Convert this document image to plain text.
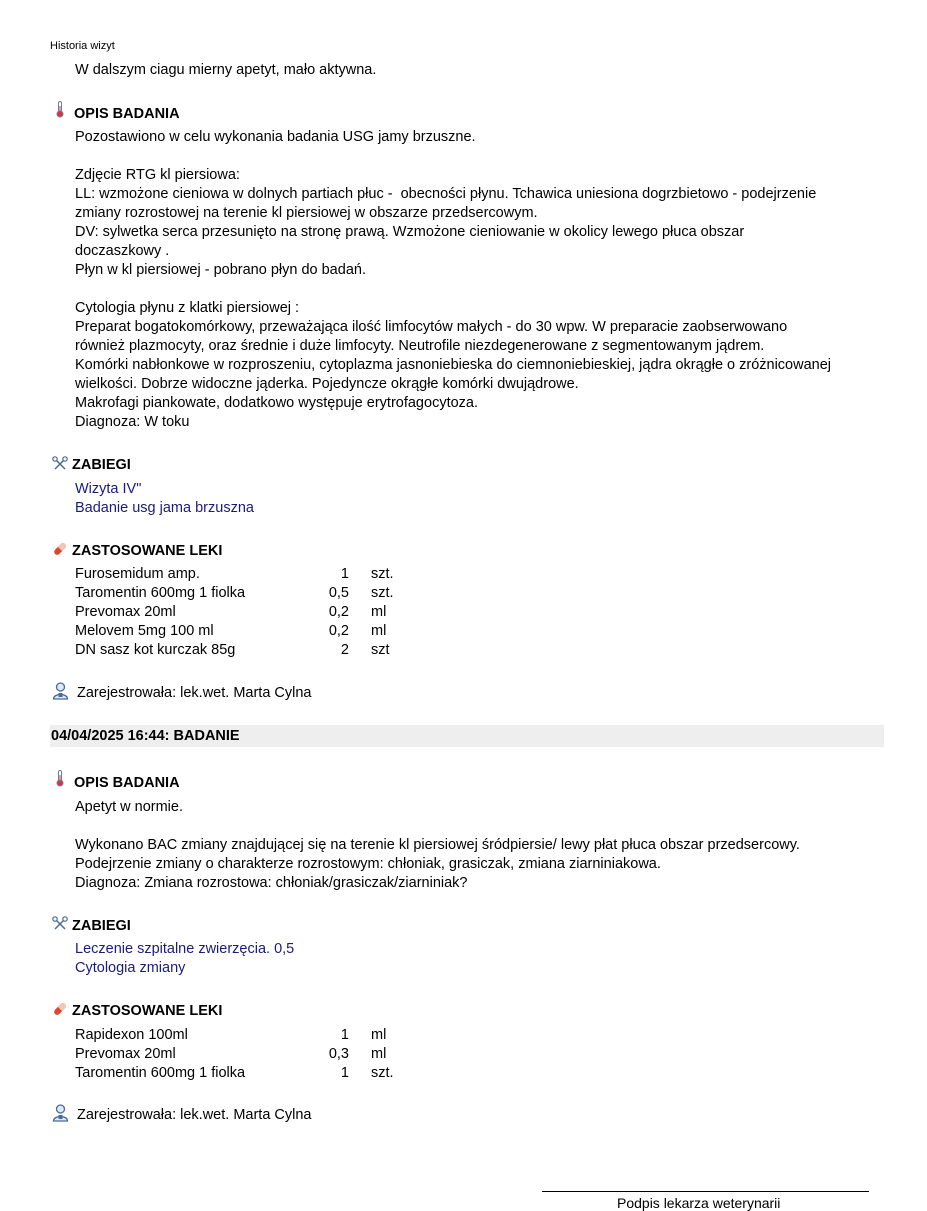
Historia wizyt
W dalszym ciagu mierny apetyt, mało aktywna.
OPIS BADANIA

Pozostawiono w celu wykonania badania USG jamy brzuszne.

Zdjęcie RTG kl piersiowa:

LL: wzmożone cieniowa w dolnych partiach płuc -  obecności płynu. Tchawica uniesiona dogrzbietowo - podejrzenie

zmiany rozrostowej na terenie kl piersiowej w obszarze przedsercowym.

DV: sylwetka serca przesunięto na stronę prawą. Wzmożone cieniowanie w okolicy lewego płuca obszar

doczaszkowy .

Płyn w kl piersiowej - pobrano płyn do badań.

Cytologia płynu z klatki piersiowej :

Preparat bogatokomórkowy, przeważająca ilość limfocytów małych - do 30 wpw. W preparacie zaobserwowano

również plazmocyty, oraz średnie i duże limfocyty. Neutrofile niezdegenerowane z segmentowanym jądrem.

Komórki nabłonkowe w rozproszeniu, cytoplazma jasnoniebieska do ciemnoniebieskiej, jądra okrągłe o zróżnicowanej

wielkości. Dobrze widoczne jąderka. Pojedyncze okrągłe komórki dwujądrowe.

Makrofagi piankowate, dodatkowo występuje erytrofagocytoza.

Diagnoza: W toku

ZABIEGI
Wizyta IV"
Badanie usg jama brzuszna
ZASTOSOWANE LEKI
Furosemidum amp.	1 szt.
Taromentin 600mg 1 fiolka	0,5 szt.
Prevomax 20ml	0,2 ml
Melovem 5mg 100 ml	0,2 ml
DN sasz kot kurczak 85g	2 szt
Zarejestrowała: lek.wet. Marta Cylna
04/04/2025 16:44: BADANIE
OPIS BADANIA

Apetyt w normie.

Wykonano BAC zmiany znajdującej się na terenie kl piersiowej śródpiersie/ lewy płat płuca obszar przedsercowy.

Podejrzenie zmiany o charakterze rozrostowym: chłoniak, grasiczak, zmiana ziarniniakowa.

Diagnoza: Zmiana rozrostowa: chłoniak/grasiczak/ziarniniak?

ZABIEGI
Leczenie szpitalne zwierzęcia. 0,5
Cytologia zmiany
ZASTOSOWANE LEKI
Rapidexon 100ml	1 ml
Prevomax 20ml	0,3 ml
Taromentin 600mg 1 fiolka	1 szt.
Zarejestrowała: lek.wet. Marta Cylna
Podpis lekarza weterynarii
